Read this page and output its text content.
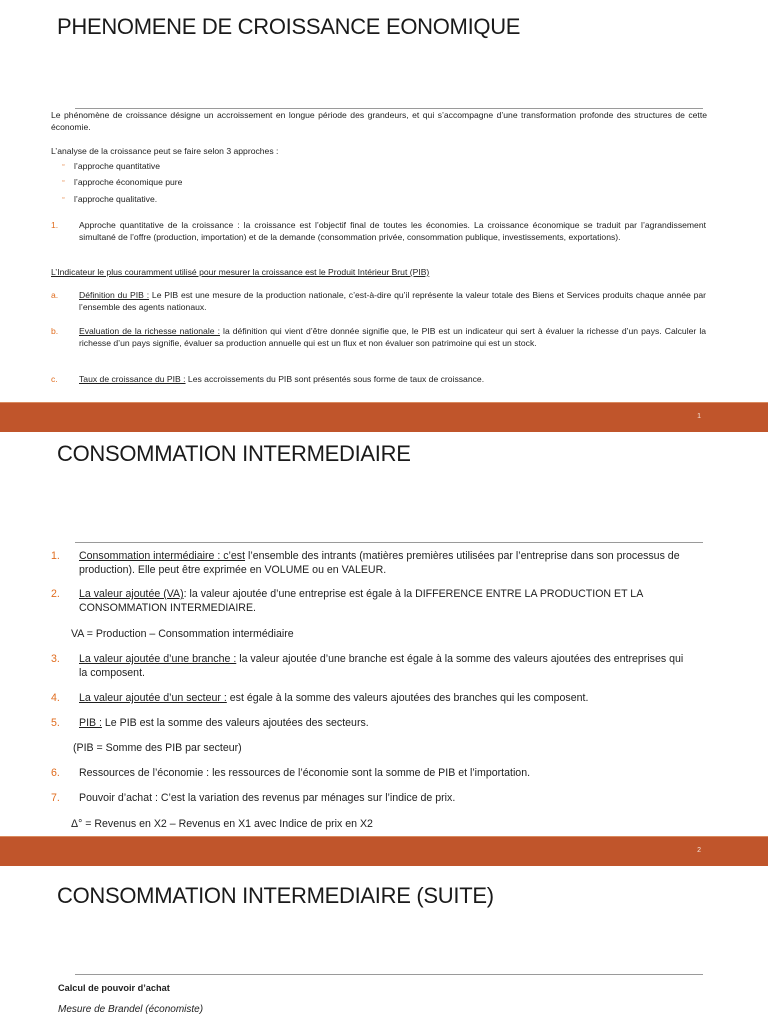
PHENOMENE DE CROISSANCE EONOMIQUE
Le phénomène de croissance désigne un accroissement en longue période des grandeurs, et qui s’accompagne d’une transformation profonde des structures de cette économie.
L’analyse de la croissance peut se faire selon 3 approches :
▫ l’approche quantitative
▫ l’approche économique pure
▫ l’approche qualitative.
1. Approche quantitative de la croissance : la croissance est l’objectif final de toutes les économies. La croissance économique se traduit par l’agrandissement simultané de l’offre (production, importation) et de la demande (consommation privée, consommation publique, investissements, exportations).
L’Indicateur le plus couramment utilisé pour mesurer la croissance est le Produit Intérieur Brut (PIB)
a. Définition du PIB : Le PIB est une mesure de la production nationale, c’est-à-dire qu’il représente la valeur totale des Biens et Services produits chaque année par l’ensemble des agents nationaux.
b. Evaluation de la richesse nationale : la définition qui vient d’être donnée signifie que, le PIB est un indicateur qui sert à évaluer la richesse d’un pays. Calculer la richesse d’un pays signifie, évaluer sa production annuelle qui est un flux et non évaluer son patrimoine qui est un stock.
c. Taux de croissance du PIB : Les accroissements du PIB sont présentés sous forme de taux de croissance.
1
CONSOMMATION INTERMEDIAIRE
1. Consommation intermédiaire : c’est l’ensemble des intrants (matières premières utilisées par l’entreprise dans son processus de production). Elle peut être exprimée en VOLUME ou en VALEUR.
2. La valeur ajoutée (VA): la valeur ajoutée d’une entreprise est égale à la DIFFERENCE ENTRE LA PRODUCTION ET LA CONSOMMATION INTERMEDIAIRE.
VA = Production – Consommation intermédiaire
3. La valeur ajoutée d’une branche : la valeur ajoutée d’une branche est égale à la somme des valeurs ajoutées des entreprises qui la composent.
4. La valeur ajoutée d’un secteur : est égale à la somme des valeurs ajoutées des branches qui les composent.
5. PIB : Le PIB est la somme des valeurs ajoutées des secteurs.
(PIB = Somme des PIB par secteur)
6. Ressources de l’économie : les ressources de l’économie sont la somme de PIB et l’importation.
7. Pouvoir d’achat : C’est la variation des revenus par ménages sur l’indice de prix.
Δ° = Revenus en X2 – Revenus en X1 avec Indice de prix en X2
2
CONSOMMATION INTERMEDIAIRE (SUITE)
Calcul de pouvoir d’achat
Mesure de Brandel (économiste)
